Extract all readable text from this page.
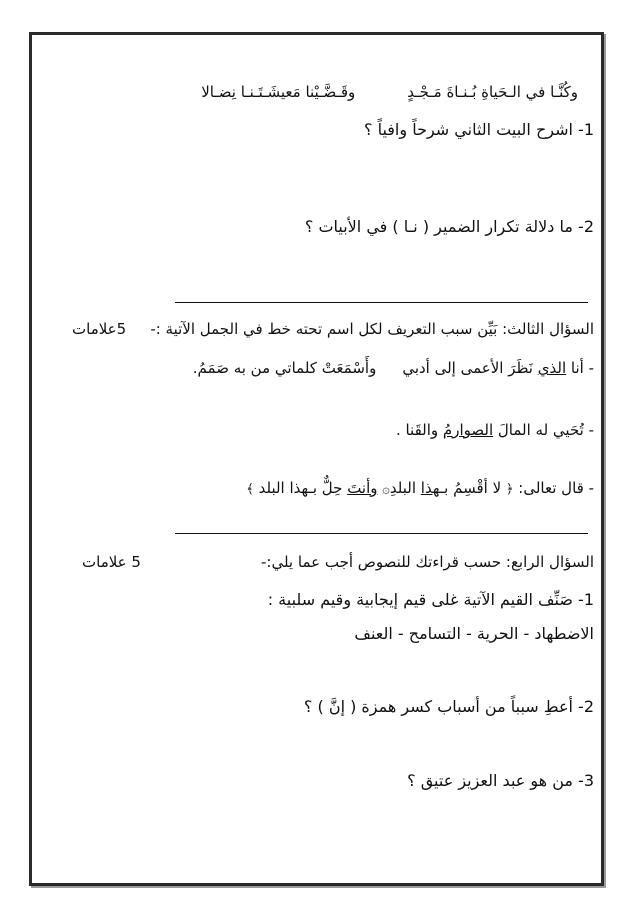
وكُنَّـا في الـحَياةِ بُـنـاةَ مَـجْـدٍوقَـضَّـيْنا مَعيشَـتَـنـا نِضـالا
1- اشرح البيت الثاني شرحاً وافياً ؟
2- ما دلالة تكرار الضمير ( نـا ) في الأبيات ؟
السؤال الثالث: بَيِّن سبب التعريف لكل اسم تحته خط في الجمل الآتية :-
5علامات
- أنا الذي نَظَرَ الأعمى إلى أدبيوأَسْمَعَتْ كلماتي من به صَمَمُ.
- تُحَيي له المالَ الصوارمُ والقَنا .
- قال تعالى: ﴿ لا أقْسِمُ بـهذا البلدِ۞ وأنتَ حِلٌّ بـهذا البلد ﴾
السؤال الرابع: حسب قراءتك للنصوص أجب عما يلي:-
5 علامات
1- صَنِّف القيم الآتية غلى قيم إيجابية وقيم سلبية :
الاضطهاد - الحرية - التسامح - العنف
2- أعطِ سبباً من أسباب كسر همزة ( إنَّ ) ؟
3- من هو عبد العزيز عتيق ؟
